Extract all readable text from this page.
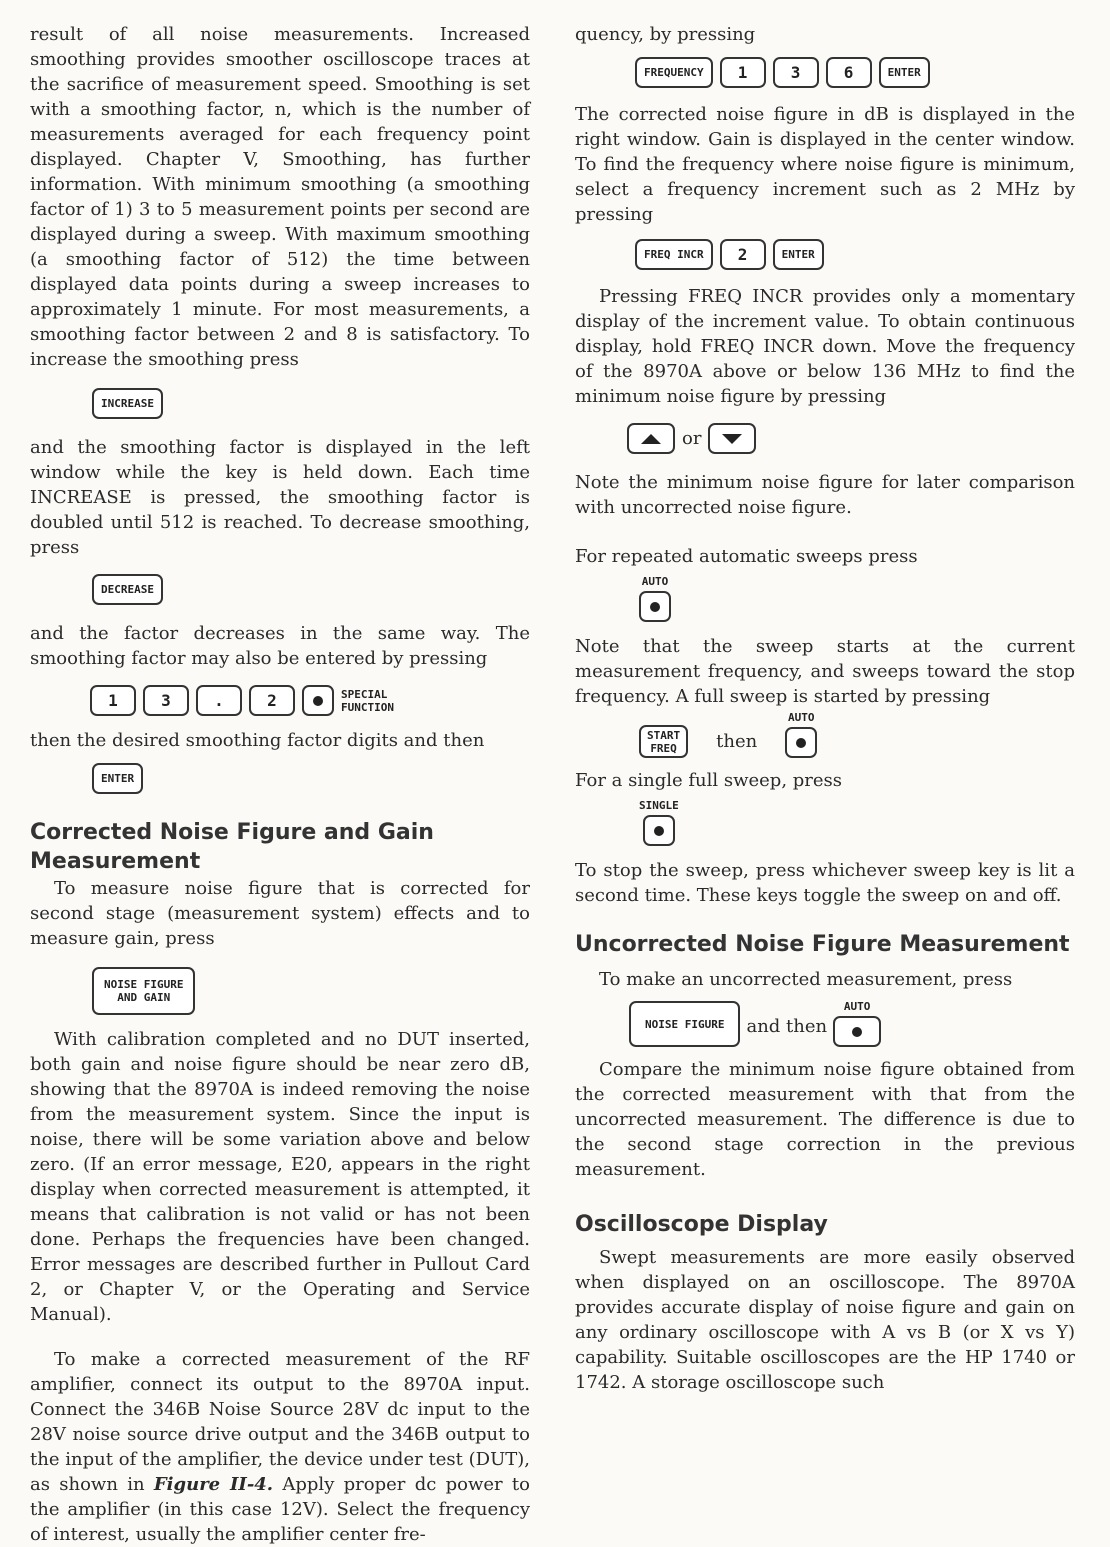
result of all noise measurements. Increased smoothing provides smoother oscilloscope traces at the sacrifice of measurement speed. Smoothing is set with a smoothing factor, n, which is the number of measurements averaged for each frequency point displayed. Chapter V, Smoothing, has further information. With minimum smoothing (a smoothing factor of 1) 3 to 5 measurement points per second are displayed during a sweep. With maximum smoothing (a smoothing factor of 512) the time between displayed data points during a sweep increases to approximately 1 minute. For most measurements, a smoothing factor between 2 and 8 is satisfactory. To increase the smoothing press

INCREASE

and the smoothing factor is displayed in the left window while the key is held down. Each time INCREASE is pressed, the smoothing factor is doubled until 512 is reached. To decrease smoothing, press

DECREASE

and the factor decreases in the same way. The smoothing factor may also be entered by pressing

1	3	.	2	SPECIAL
FUNCTION

then the desired smoothing factor digits and then

ENTER
Corrected Noise Figure and Gain
Measurement

To measure noise figure that is corrected for second stage (measurement system) effects and to measure gain, press

NOISE FIGURE
AND GAIN

With calibration completed and no DUT inserted, both gain and noise figure should be near zero dB, showing that the 8970A is indeed removing the noise from the measurement system. Since the input is noise, there will be some variation above and below zero. (If an error message, E20, appears in the right display when corrected measurement is attempted, it means that calibration is not valid or has not been done. Perhaps the frequencies have been changed. Error messages are described further in Pullout Card 2, or Chapter V, or the Operating and Service Manual).

To make a corrected measurement of the RF amplifier, connect its output to the 8970A input. Connect the 346B Noise Source 28V dc input to the 28V noise source drive output and the 346B output to the input of the amplifier, the device under test (DUT), as shown in Figure II-4. Apply proper dc power to the amplifier (in this case 12V). Select the frequency of interest, usually the amplifier center fre-

quency, by pressing

FREQUENCY	1	3	6	ENTER

The corrected noise figure in dB is displayed in the right window. Gain is displayed in the center window. To find the frequency where noise figure is minimum, select a frequency increment such as 2 MHz by pressing

FREQ INCR	2	ENTER

Pressing FREQ INCR provides only a momentary display of the increment value. To obtain continuous display, hold FREQ INCR down. Move the frequency of the 8970A above or below 136 MHz to find the minimum noise figure by pressing

or

Note the minimum noise figure for later comparison with uncorrected noise figure.

For repeated automatic sweeps press

AUTO

Note that the sweep starts at the current measurement frequency, and sweeps toward the stop frequency. A full sweep is started by pressing

START
FREQ then
AUTO

For a single full sweep, press

SINGLE

To stop the sweep, press whichever sweep key is lit a second time. These keys toggle the sweep on and off.

Uncorrected Noise Figure Measurement

To make an uncorrected measurement, press

NOISE FIGURE	and then
AUTO

Compare the minimum noise figure obtained from the corrected measurement with that from the uncorrected measurement. The difference is due to the second stage correction in the previous measurement.

Oscilloscope Display

Swept measurements are more easily observed when displayed on an oscilloscope. The 8970A provides accurate display of noise figure and gain on any ordinary oscilloscope with A vs B (or X vs Y) capability. Suitable oscilloscopes are the HP 1740 or 1742. A storage oscilloscope such
